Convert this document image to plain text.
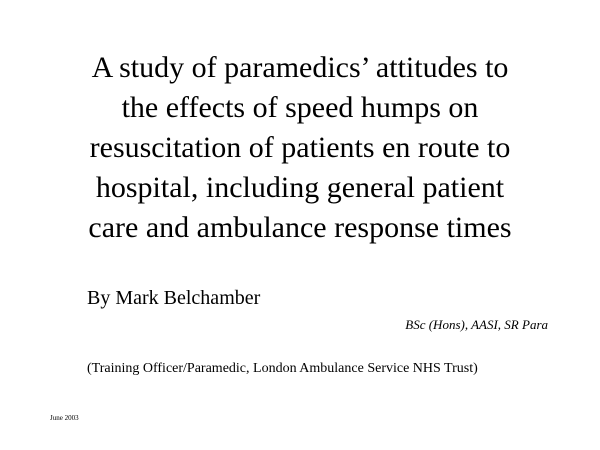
A study of paramedics’ attitudes to
the effects of speed humps on
resuscitation of patients en route to
hospital, including general patient
care and ambulance response times
By Mark Belchamber
BSc (Hons), AASI, SR Para
(Training Officer/Paramedic, London Ambulance Service NHS Trust)
June 2003
